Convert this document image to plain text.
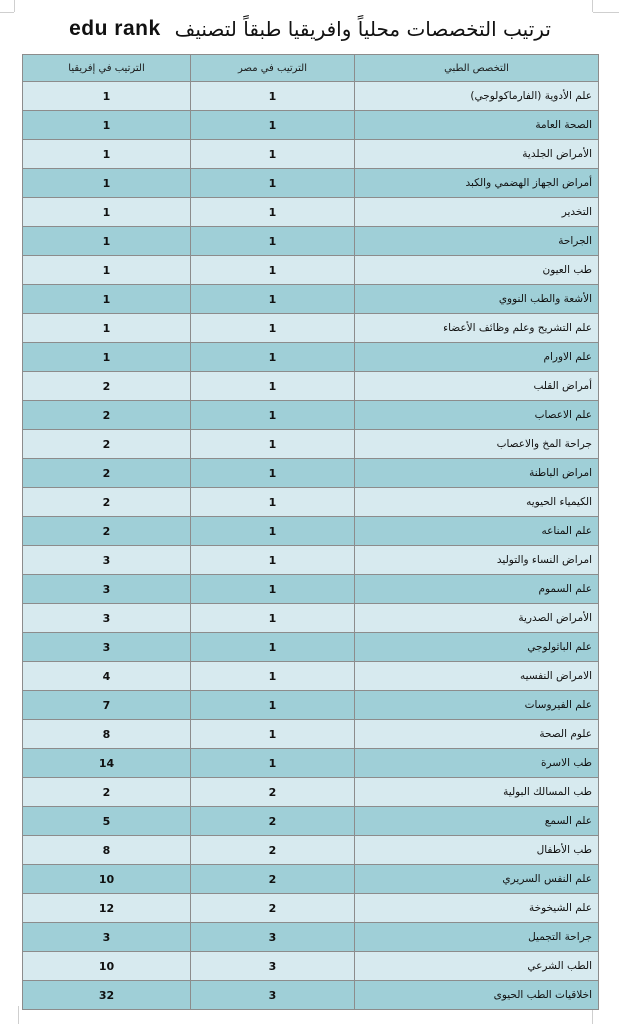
edu rank ترتيب التخصصات محلياً وافريقيا طبقاً لتصنيف
الترتيب في إفريقيا	الترتيب في مصر	التخصص الطبي
1	1	علم الأدوية (الفارماكولوجي)
1	1	الصحة العامة
1	1	الأمراض الجلدية
1	1	أمراض الجهاز الهضمي والكبد
1	1	التخدير
1	1	الجراحة
1	1	طب العيون
1	1	الأشعة والطب النووي
1	1	علم التشريح وعلم وظائف الأعضاء
1	1	علم الاورام
2	1	أمراض القلب
2	1	علم الاعصاب
2	1	جراحة المخ والاعصاب
2	1	امراض الباطنة
2	1	الكيمياء الحيويه
2	1	علم المناعه
3	1	امراض النساء والتوليد
3	1	علم السموم
3	1	الأمراض الصدرية
3	1	علم الباثولوجي
4	1	الامراض النفسيه
7	1	علم الفيروسات
8	1	علوم الصحة
14	1	طب الاسرة
2	2	طب المسالك البولية
5	2	علم السمع
8	2	طب الأطفال
10	2	علم النفس السريري
12	2	علم الشيخوخة
3	3	جراحة التجميل
10	3	الطب الشرعي
32	3	اخلاقيات الطب الحيوى
